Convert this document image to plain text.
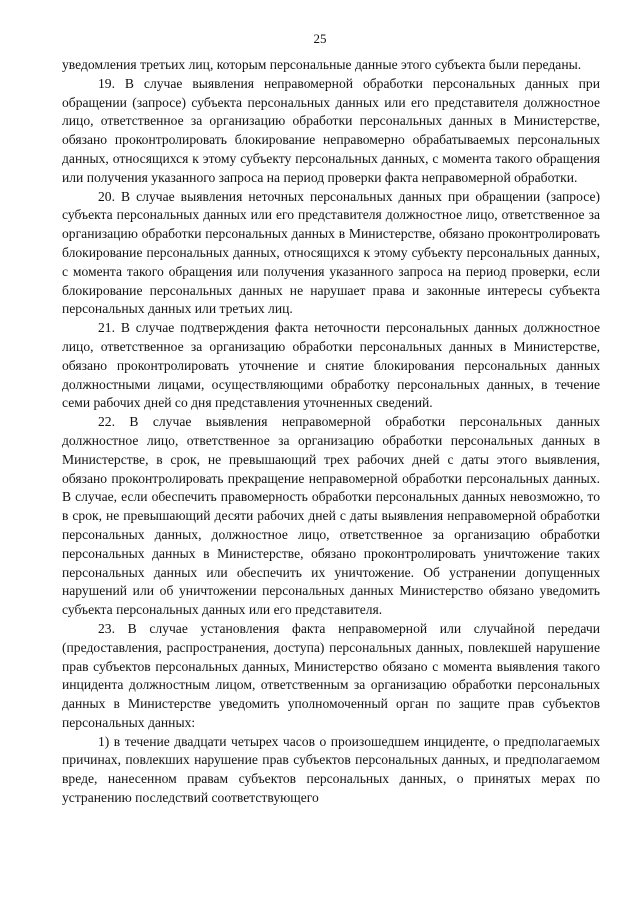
25

уведомления третьих лиц, которым персональные данные этого субъекта были переданы.

19. В случае выявления неправомерной обработки персональных данных при обращении (запросе) субъекта персональных данных или его представителя должностное лицо, ответственное за организацию обработки персональных данных в Министерстве, обязано проконтролировать блокирование неправомерно обрабатываемых персональных данных, относящихся к этому субъекту персональных данных, с момента такого обращения или получения указанного запроса на период проверки факта неправомерной обработки.

20. В случае выявления неточных персональных данных при обращении (запросе) субъекта персональных данных или его представителя должностное лицо, ответственное за организацию обработки персональных данных в Министерстве, обязано проконтролировать блокирование персональных данных, относящихся к этому субъекту персональных данных, с момента такого обращения или получения указанного запроса на период проверки, если блокирование персональных данных не нарушает права и законные интересы субъекта персональных данных или третьих лиц.

21. В случае подтверждения факта неточности персональных данных должностное лицо, ответственное за организацию обработки персональных данных в Министерстве, обязано проконтролировать уточнение и снятие блокирования персональных данных должностными лицами, осуществляющими обработку персональных данных, в течение семи рабочих дней со дня представления уточненных сведений.

22. В случае выявления неправомерной обработки персональных данных должностное лицо, ответственное за организацию обработки персональных данных в Министерстве, в срок, не превышающий трех рабочих дней с даты этого выявления, обязано проконтролировать прекращение неправомерной обработки персональных данных. В случае, если обеспечить правомерность обработки персональных данных невозможно, то в срок, не превышающий десяти рабочих дней с даты выявления неправомерной обработки персональных данных, должностное лицо, ответственное за организацию обработки персональных данных в Министерстве, обязано проконтролировать уничтожение таких персональных данных или обеспечить их уничтожение. Об устранении допущенных нарушений или об уничтожении персональных данных Министерство обязано уведомить субъекта персональных данных или его представителя.

23. В случае установления факта неправомерной или случайной передачи (предоставления, распространения, доступа) персональных данных, повлекшей нарушение прав субъектов персональных данных, Министерство обязано с момента выявления такого инцидента должностным лицом, ответственным за организацию обработки персональных данных в Министерстве уведомить уполномоченный орган по защите прав субъектов персональных данных:

1) в течение двадцати четырех часов о произошедшем инциденте, о предполагаемых причинах, повлекших нарушение прав субъектов персональных данных, и предполагаемом вреде, нанесенном правам субъектов персональных данных, о принятых мерах по устранению последствий соответствующего
